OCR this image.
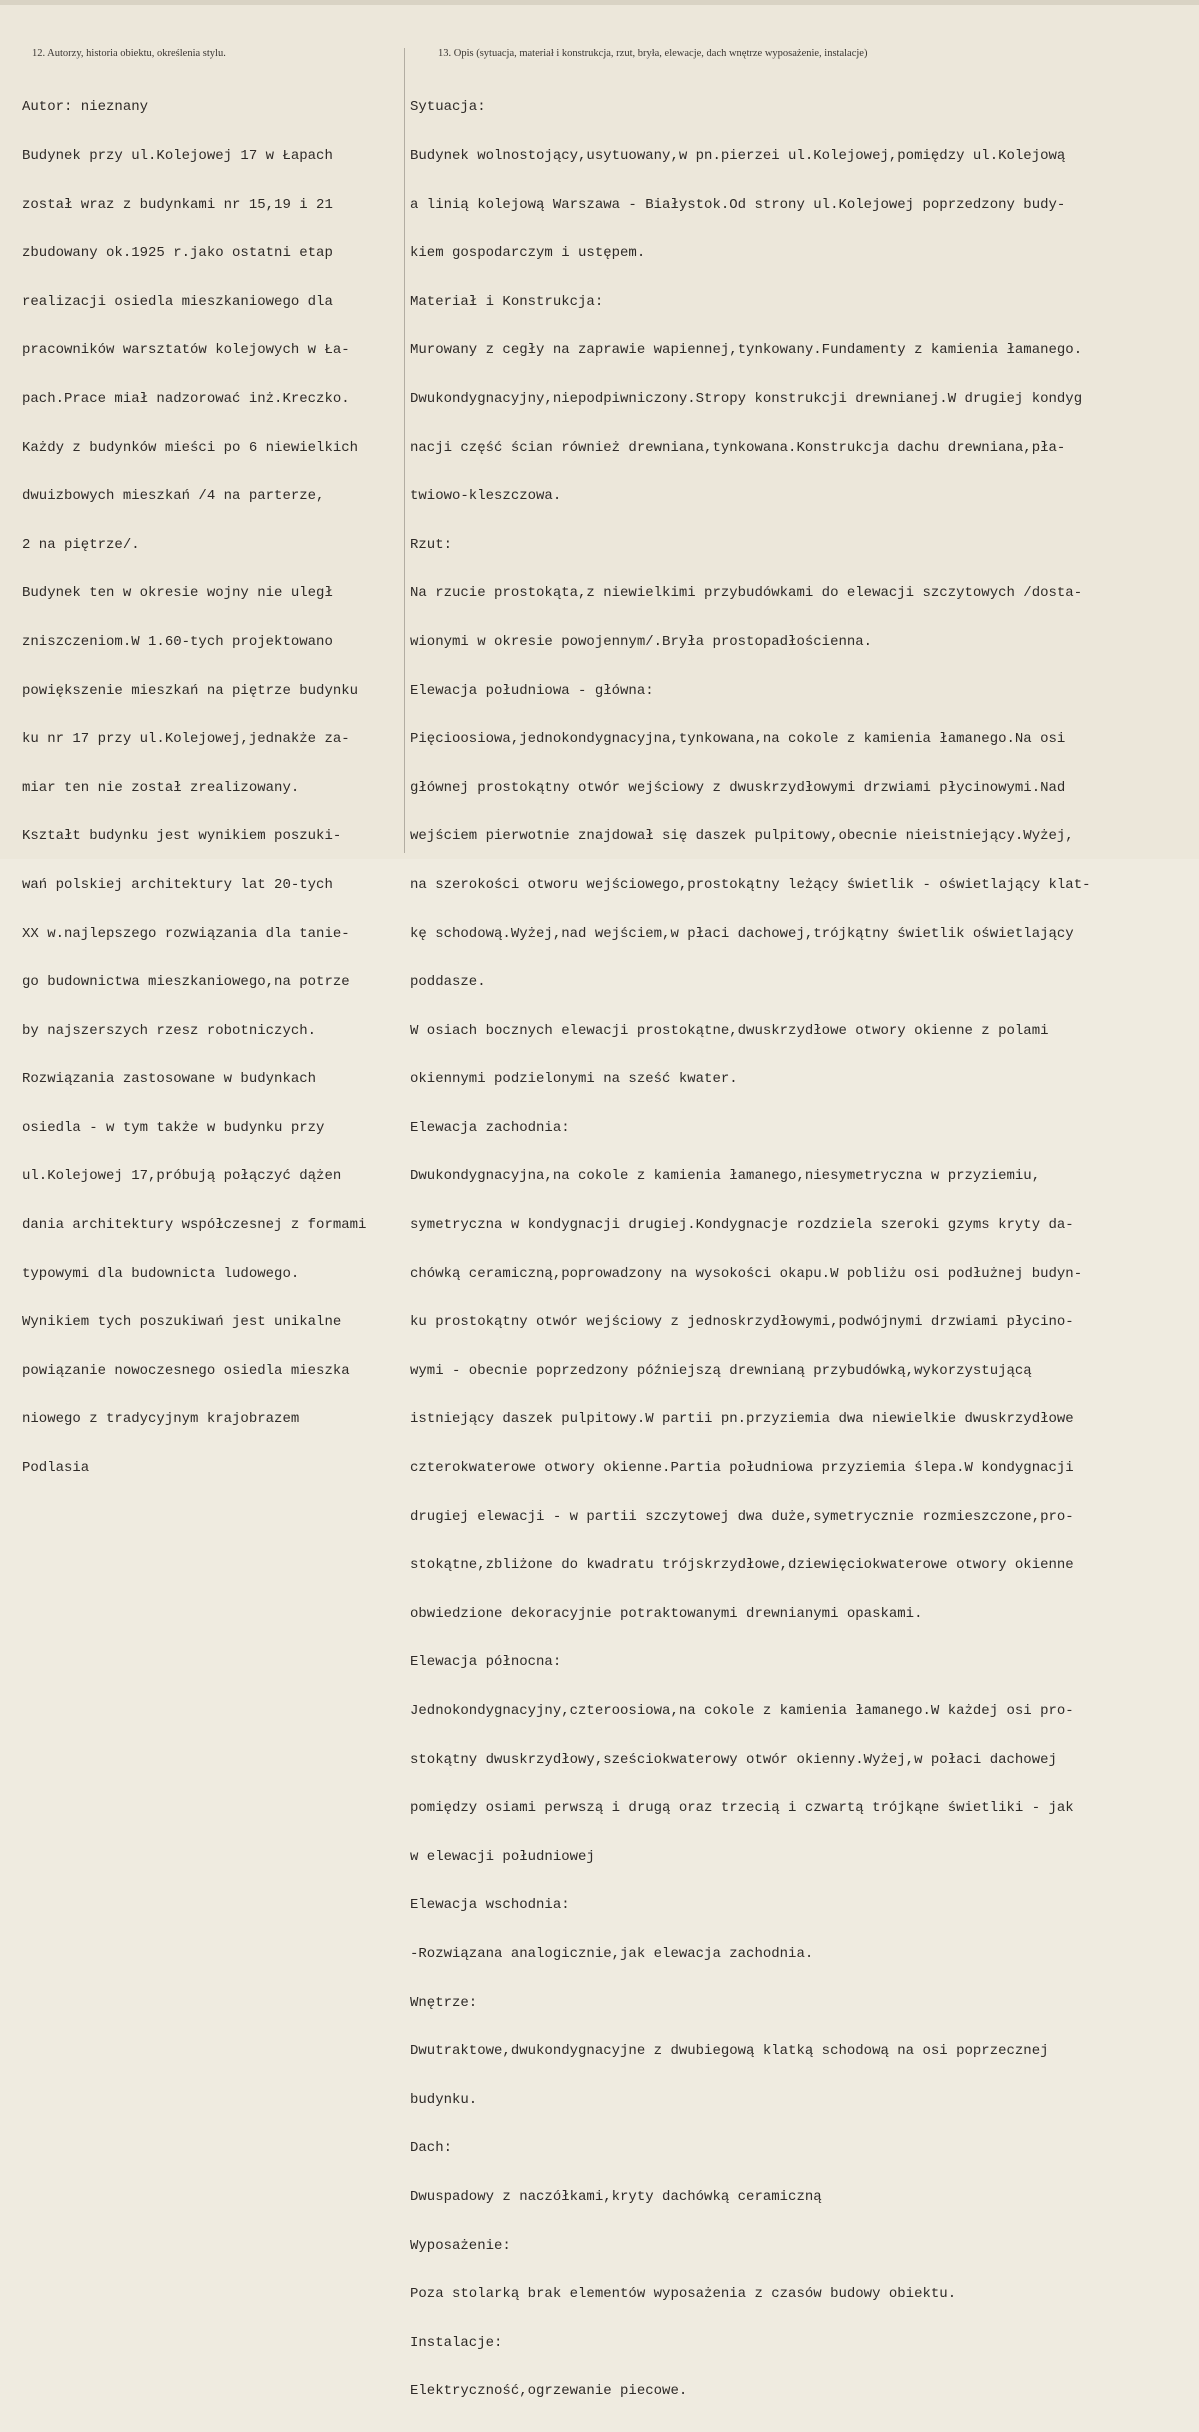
12. Autorzy, historia obiektu, określenia stylu.	13. Opis (sytuacja, materiał i konstrukcja, rzut, bryła, elewacje, dach wnętrze wyposażenie, instalacje)

Autor: nieznany

Budynek przy ul.Kolejowej 17 w Łapach

został wraz z budynkami nr 15,19 i 21

zbudowany ok.1925 r.jako ostatni etap

realizacji osiedla mieszkaniowego dla

pracowników warsztatów kolejowych w Ła-

pach.Prace miał nadzorować inż.Kreczko.

Każdy z budynków mieści po 6 niewielkich

dwuizbowych mieszkań /4 na parterze,

2 na piętrze/.

Budynek ten w okresie wojny nie uległ

zniszczeniom.W 1.60-tych projektowano

powiększenie mieszkań na piętrze budynku

ku nr 17 przy ul.Kolejowej,jednakże za-

miar ten nie został zrealizowany.

Kształt budynku jest wynikiem poszuki-

wań polskiej architektury lat 20-tych

XX w.najlepszego rozwiązania dla tanie-

go budownictwa mieszkaniowego,na potrze

by najszerszych rzesz robotniczych.

Rozwiązania zastosowane w budynkach

osiedla - w tym także w budynku przy

ul.Kolejowej 17,próbują połączyć dążen

dania architektury współczesnej z formami

typowymi dla budownicta ludowego.

Wynikiem tych poszukiwań jest unikalne

powiązanie nowoczesnego osiedla mieszka

niowego z tradycyjnym krajobrazem

Podlasia

Sytuacja:

Budynek wolnostojący,usytuowany,w pn.pierzei ul.Kolejowej,pomiędzy ul.Kolejową

a linią kolejową Warszawa - Białystok.Od strony ul.Kolejowej poprzedzony budy-

kiem gospodarczym i ustępem.

Materiał i Konstrukcja:

Murowany z cegły na zaprawie wapiennej,tynkowany.Fundamenty z kamienia łamanego.

Dwukondygnacyjny,niepodpiwniczony.Stropy konstrukcji drewnianej.W drugiej kondyg

nacji część ścian również drewniana,tynkowana.Konstrukcja dachu drewniana,pła-

twiowo-kleszczowa.

Rzut:

Na rzucie prostokąta,z niewielkimi przybudówkami do elewacji szczytowych /dosta-

wionymi w okresie powojennym/.Bryła prostopadłościenna.

Elewacja południowa - główna:

Pięcioosiowa,jednokondygnacyjna,tynkowana,na cokole z kamienia łamanego.Na osi

głównej prostokątny otwór wejściowy z dwuskrzydłowymi drzwiami płycinowymi.Nad

wejściem pierwotnie znajdował się daszek pulpitowy,obecnie nieistniejący.Wyżej,

na szerokości otworu wejściowego,prostokątny leżący świetlik - oświetlający klat-

kę schodową.Wyżej,nad wejściem,w płaci dachowej,trójkątny świetlik oświetlający

poddasze.

W osiach bocznych elewacji prostokątne,dwuskrzydłowe otwory okienne z polami

okiennymi podzielonymi na sześć kwater.

Elewacja zachodnia:

Dwukondygnacyjna,na cokole z kamienia łamanego,niesymetryczna w przyziemiu,

symetryczna w kondygnacji drugiej.Kondygnacje rozdziela szeroki gzyms kryty da-

chówką ceramiczną,poprowadzony na wysokości okapu.W pobliżu osi podłużnej budyn-

ku prostokątny otwór wejściowy z jednoskrzydłowymi,podwójnymi drzwiami płycino-

wymi - obecnie poprzedzony późniejszą drewnianą przybudówką,wykorzystującą

istniejący daszek pulpitowy.W partii pn.przyziemia dwa niewielkie dwuskrzydłowe

czterokwaterowe otwory okienne.Partia południowa przyziemia ślepa.W kondygnacji

drugiej elewacji - w partii szczytowej dwa duże,symetrycznie rozmieszczone,pro-

stokątne,zbliżone do kwadratu trójskrzydłowe,dziewięciokwaterowe otwory okienne

obwiedzione dekoracyjnie potraktowanymi drewnianymi opaskami.

Elewacja północna:

Jednokondygnacyjny,czteroosiowa,na cokole z kamienia łamanego.W każdej osi pro-

stokątny dwuskrzydłowy,sześciokwaterowy otwór okienny.Wyżej,w połaci dachowej

pomiędzy osiami perwszą i drugą oraz trzecią i czwartą trójkąne świetliki - jak

w elewacji południowej

Elewacja wschodnia:

-Rozwiązana analogicznie,jak elewacja zachodnia.

Wnętrze:

Dwutraktowe,dwukondygnacyjne z dwubiegową klatką schodową na osi poprzecznej

budynku.

Dach:

Dwuspadowy z naczółkami,kryty dachówką ceramiczną

Wyposażenie:

Poza stolarką brak elementów wyposażenia z czasów budowy obiektu.

Instalacje:

Elektryczność,ogrzewanie piecowe.
